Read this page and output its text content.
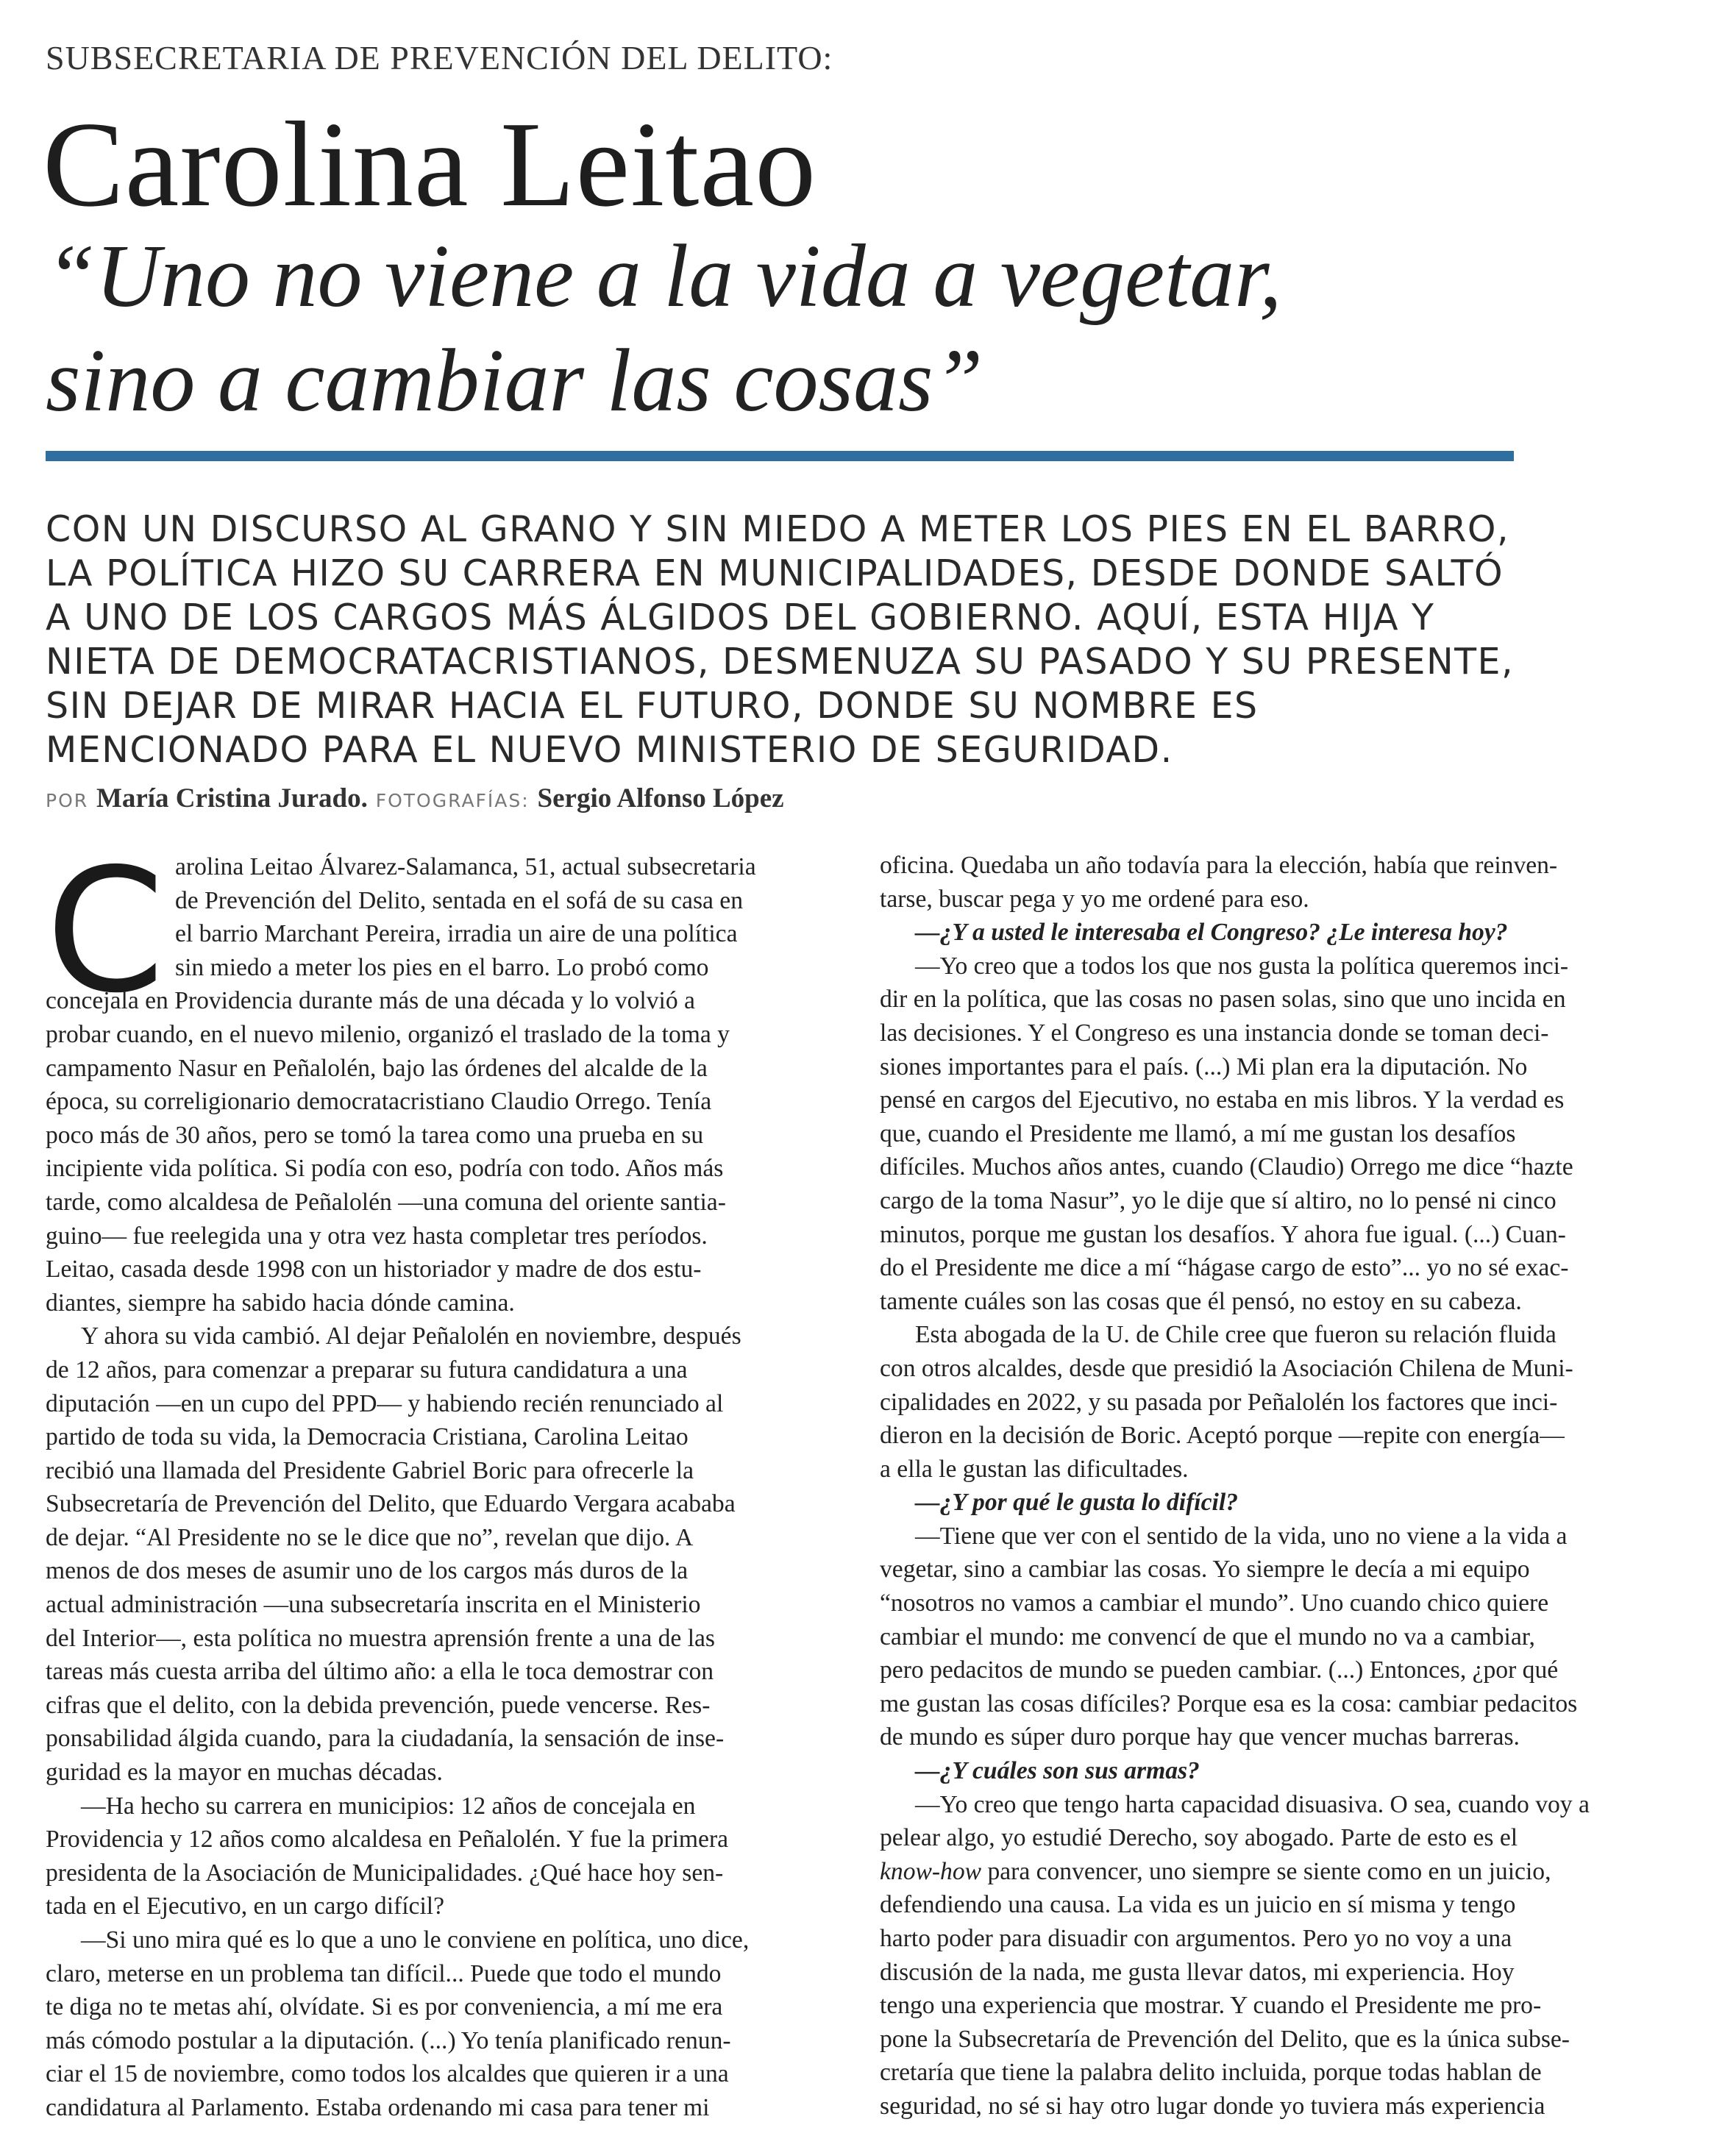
SUBSECRETARIA DE PREVENCIÓN DEL DELITO:
Carolina Leitao
“Uno no viene a la vida a vegetar,
sino a cambiar las cosas”
CON UN DISCURSO AL GRANO Y SIN MIEDO A METER LOS PIES EN EL BARRO,
LA POLÍTICA HIZO SU CARRERA EN MUNICIPALIDADES, DESDE DONDE SALTÓ
A UNO DE LOS CARGOS MÁS ÁLGIDOS DEL GOBIERNO. AQUÍ, ESTA HIJA Y
NIETA DE DEMOCRATACRISTIANOS, DESMENUZA SU PASADO Y SU PRESENTE,
SIN DEJAR DE MIRAR HACIA EL FUTURO, DONDE SU NOMBRE ES
MENCIONADO PARA EL NUEVO MINISTERIO DE SEGURIDAD.
POR María Cristina Jurado. FOTOGRAFÍAS: Sergio Alfonso López
C arolina Leitao Álvarez-Salamanca, 51, actual subsecretaria
de Prevención del Delito, sentada en el sofá de su casa en
el barrio Marchant Pereira, irradia un aire de una política
sin miedo a meter los pies en el barro. Lo probó como
concejala en Providencia durante más de una década y lo volvió a
probar cuando, en el nuevo milenio, organizó el traslado de la toma y
campamento Nasur en Peñalolén, bajo las órdenes del alcalde de la
época, su correligionario democratacristiano Claudio Orrego. Tenía
poco más de 30 años, pero se tomó la tarea como una prueba en su
incipiente vida política. Si podía con eso, podría con todo. Años más
tarde, como alcaldesa de Peñalolén —una comuna del oriente santia-
guino— fue reelegida una y otra vez hasta completar tres períodos.
Leitao, casada desde 1998 con un historiador y madre de dos estu-
diantes, siempre ha sabido hacia dónde camina.
Y ahora su vida cambió. Al dejar Peñalolén en noviembre, después
de 12 años, para comenzar a preparar su futura candidatura a una
diputación —en un cupo del PPD— y habiendo recién renunciado al
partido de toda su vida, la Democracia Cristiana, Carolina Leitao
recibió una llamada del Presidente Gabriel Boric para ofrecerle la
Subsecretaría de Prevención del Delito, que Eduardo Vergara acababa
de dejar. “Al Presidente no se le dice que no”, revelan que dijo. A
menos de dos meses de asumir uno de los cargos más duros de la
actual administración —una subsecretaría inscrita en el Ministerio
del Interior—, esta política no muestra aprensión frente a una de las
tareas más cuesta arriba del último año: a ella le toca demostrar con
cifras que el delito, con la debida prevención, puede vencerse. Res-
ponsabilidad álgida cuando, para la ciudadanía, la sensación de inse-
guridad es la mayor en muchas décadas.
—Ha hecho su carrera en municipios: 12 años de concejala en
Providencia y 12 años como alcaldesa en Peñalolén. Y fue la primera
presidenta de la Asociación de Municipalidades. ¿Qué hace hoy sen-
tada en el Ejecutivo, en un cargo difícil?
—Si uno mira qué es lo que a uno le conviene en política, uno dice,
claro, meterse en un problema tan difícil... Puede que todo el mundo
te diga no te metas ahí, olvídate. Si es por conveniencia, a mí me era
más cómodo postular a la diputación. (...) Yo tenía planificado renun-
ciar el 15 de noviembre, como todos los alcaldes que quieren ir a una
candidatura al Parlamento. Estaba ordenando mi casa para tener mi
oficina. Quedaba un año todavía para la elección, había que reinven-
tarse, buscar pega y yo me ordené para eso.
—¿Y a usted le interesaba el Congreso? ¿Le interesa hoy?
—Yo creo que a todos los que nos gusta la política queremos inci-
dir en la política, que las cosas no pasen solas, sino que uno incida en
las decisiones. Y el Congreso es una instancia donde se toman deci-
siones importantes para el país. (...) Mi plan era la diputación. No
pensé en cargos del Ejecutivo, no estaba en mis libros. Y la verdad es
que, cuando el Presidente me llamó, a mí me gustan los desafíos
difíciles. Muchos años antes, cuando (Claudio) Orrego me dice “hazte
cargo de la toma Nasur”, yo le dije que sí altiro, no lo pensé ni cinco
minutos, porque me gustan los desafíos. Y ahora fue igual. (...) Cuan-
do el Presidente me dice a mí “hágase cargo de esto”... yo no sé exac-
tamente cuáles son las cosas que él pensó, no estoy en su cabeza.
Esta abogada de la U. de Chile cree que fueron su relación fluida
con otros alcaldes, desde que presidió la Asociación Chilena de Muni-
cipalidades en 2022, y su pasada por Peñalolén los factores que inci-
dieron en la decisión de Boric. Aceptó porque —repite con energía—
a ella le gustan las dificultades.
—¿Y por qué le gusta lo difícil?
—Tiene que ver con el sentido de la vida, uno no viene a la vida a
vegetar, sino a cambiar las cosas. Yo siempre le decía a mi equipo
“nosotros no vamos a cambiar el mundo”. Uno cuando chico quiere
cambiar el mundo: me convencí de que el mundo no va a cambiar,
pero pedacitos de mundo se pueden cambiar. (...) Entonces, ¿por qué
me gustan las cosas difíciles? Porque esa es la cosa: cambiar pedacitos
de mundo es súper duro porque hay que vencer muchas barreras.
—¿Y cuáles son sus armas?
—Yo creo que tengo harta capacidad disuasiva. O sea, cuando voy a
pelear algo, yo estudié Derecho, soy abogado. Parte de esto es el
know-how para convencer, uno siempre se siente como en un juicio,
defendiendo una causa. La vida es un juicio en sí misma y tengo
harto poder para disuadir con argumentos. Pero yo no voy a una
discusión de la nada, me gusta llevar datos, mi experiencia. Hoy
tengo una experiencia que mostrar. Y cuando el Presidente me pro-
pone la Subsecretaría de Prevención del Delito, que es la única subse-
cretaría que tiene la palabra delito incluida, porque todas hablan de
seguridad, no sé si hay otro lugar donde yo tuviera más experiencia
